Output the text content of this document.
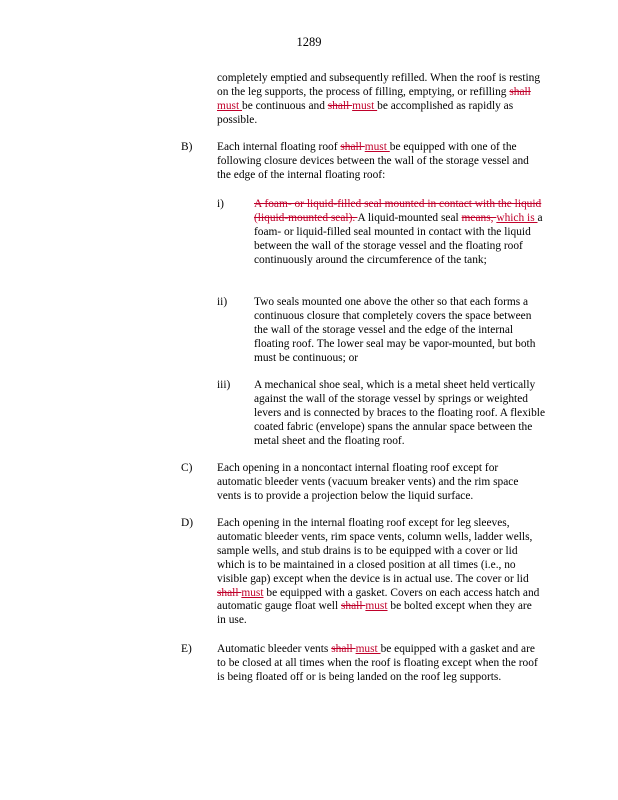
1289

completely emptied and subsequently refilled. When the roof is resting on the leg supports, the process of filling, emptying, or refilling shall must be continuous and shall must be accomplished as rapidly as possible.

B) Each internal floating roof shall must be equipped with one of the following closure devices between the wall of the storage vessel and the edge of the internal floating roof:

i)	A foam- or liquid-filled seal mounted in contact with the liquid (liquid-mounted seal). A liquid-mounted seal means, which is a foam- or liquid-filled seal mounted in contact with the liquid between the wall of the storage vessel and the floating roof continuously around the circumference of the tank;

ii) Two seals mounted one above the other so that each forms a continuous closure that completely covers the space between the wall of the storage vessel and the edge of the internal floating roof. The lower seal may be vapor-mounted, but both must be continuous; or

iii) A mechanical shoe seal, which is a metal sheet held vertically against the wall of the storage vessel by springs or weighted levers and is connected by braces to the floating roof. A flexible coated fabric (envelope) spans the annular space between the metal sheet and the floating roof.

C) Each opening in a noncontact internal floating roof except for automatic bleeder vents (vacuum breaker vents) and the rim space vents is to provide a projection below the liquid surface.

D) Each opening in the internal floating roof except for leg sleeves, automatic bleeder vents, rim space vents, column wells, ladder wells, sample wells, and stub drains is to be equipped with a cover or lid which is to be maintained in a closed position at all times (i.e., no visible gap) except when the device is in actual use. The cover or lid shall must be equipped with a gasket. Covers on each access hatch and automatic gauge float well shall must be bolted except when they are in use.

E) Automatic bleeder vents shall must be equipped with a gasket and are to be closed at all times when the roof is floating except when the roof is being floated off or is being landed on the roof leg supports.
